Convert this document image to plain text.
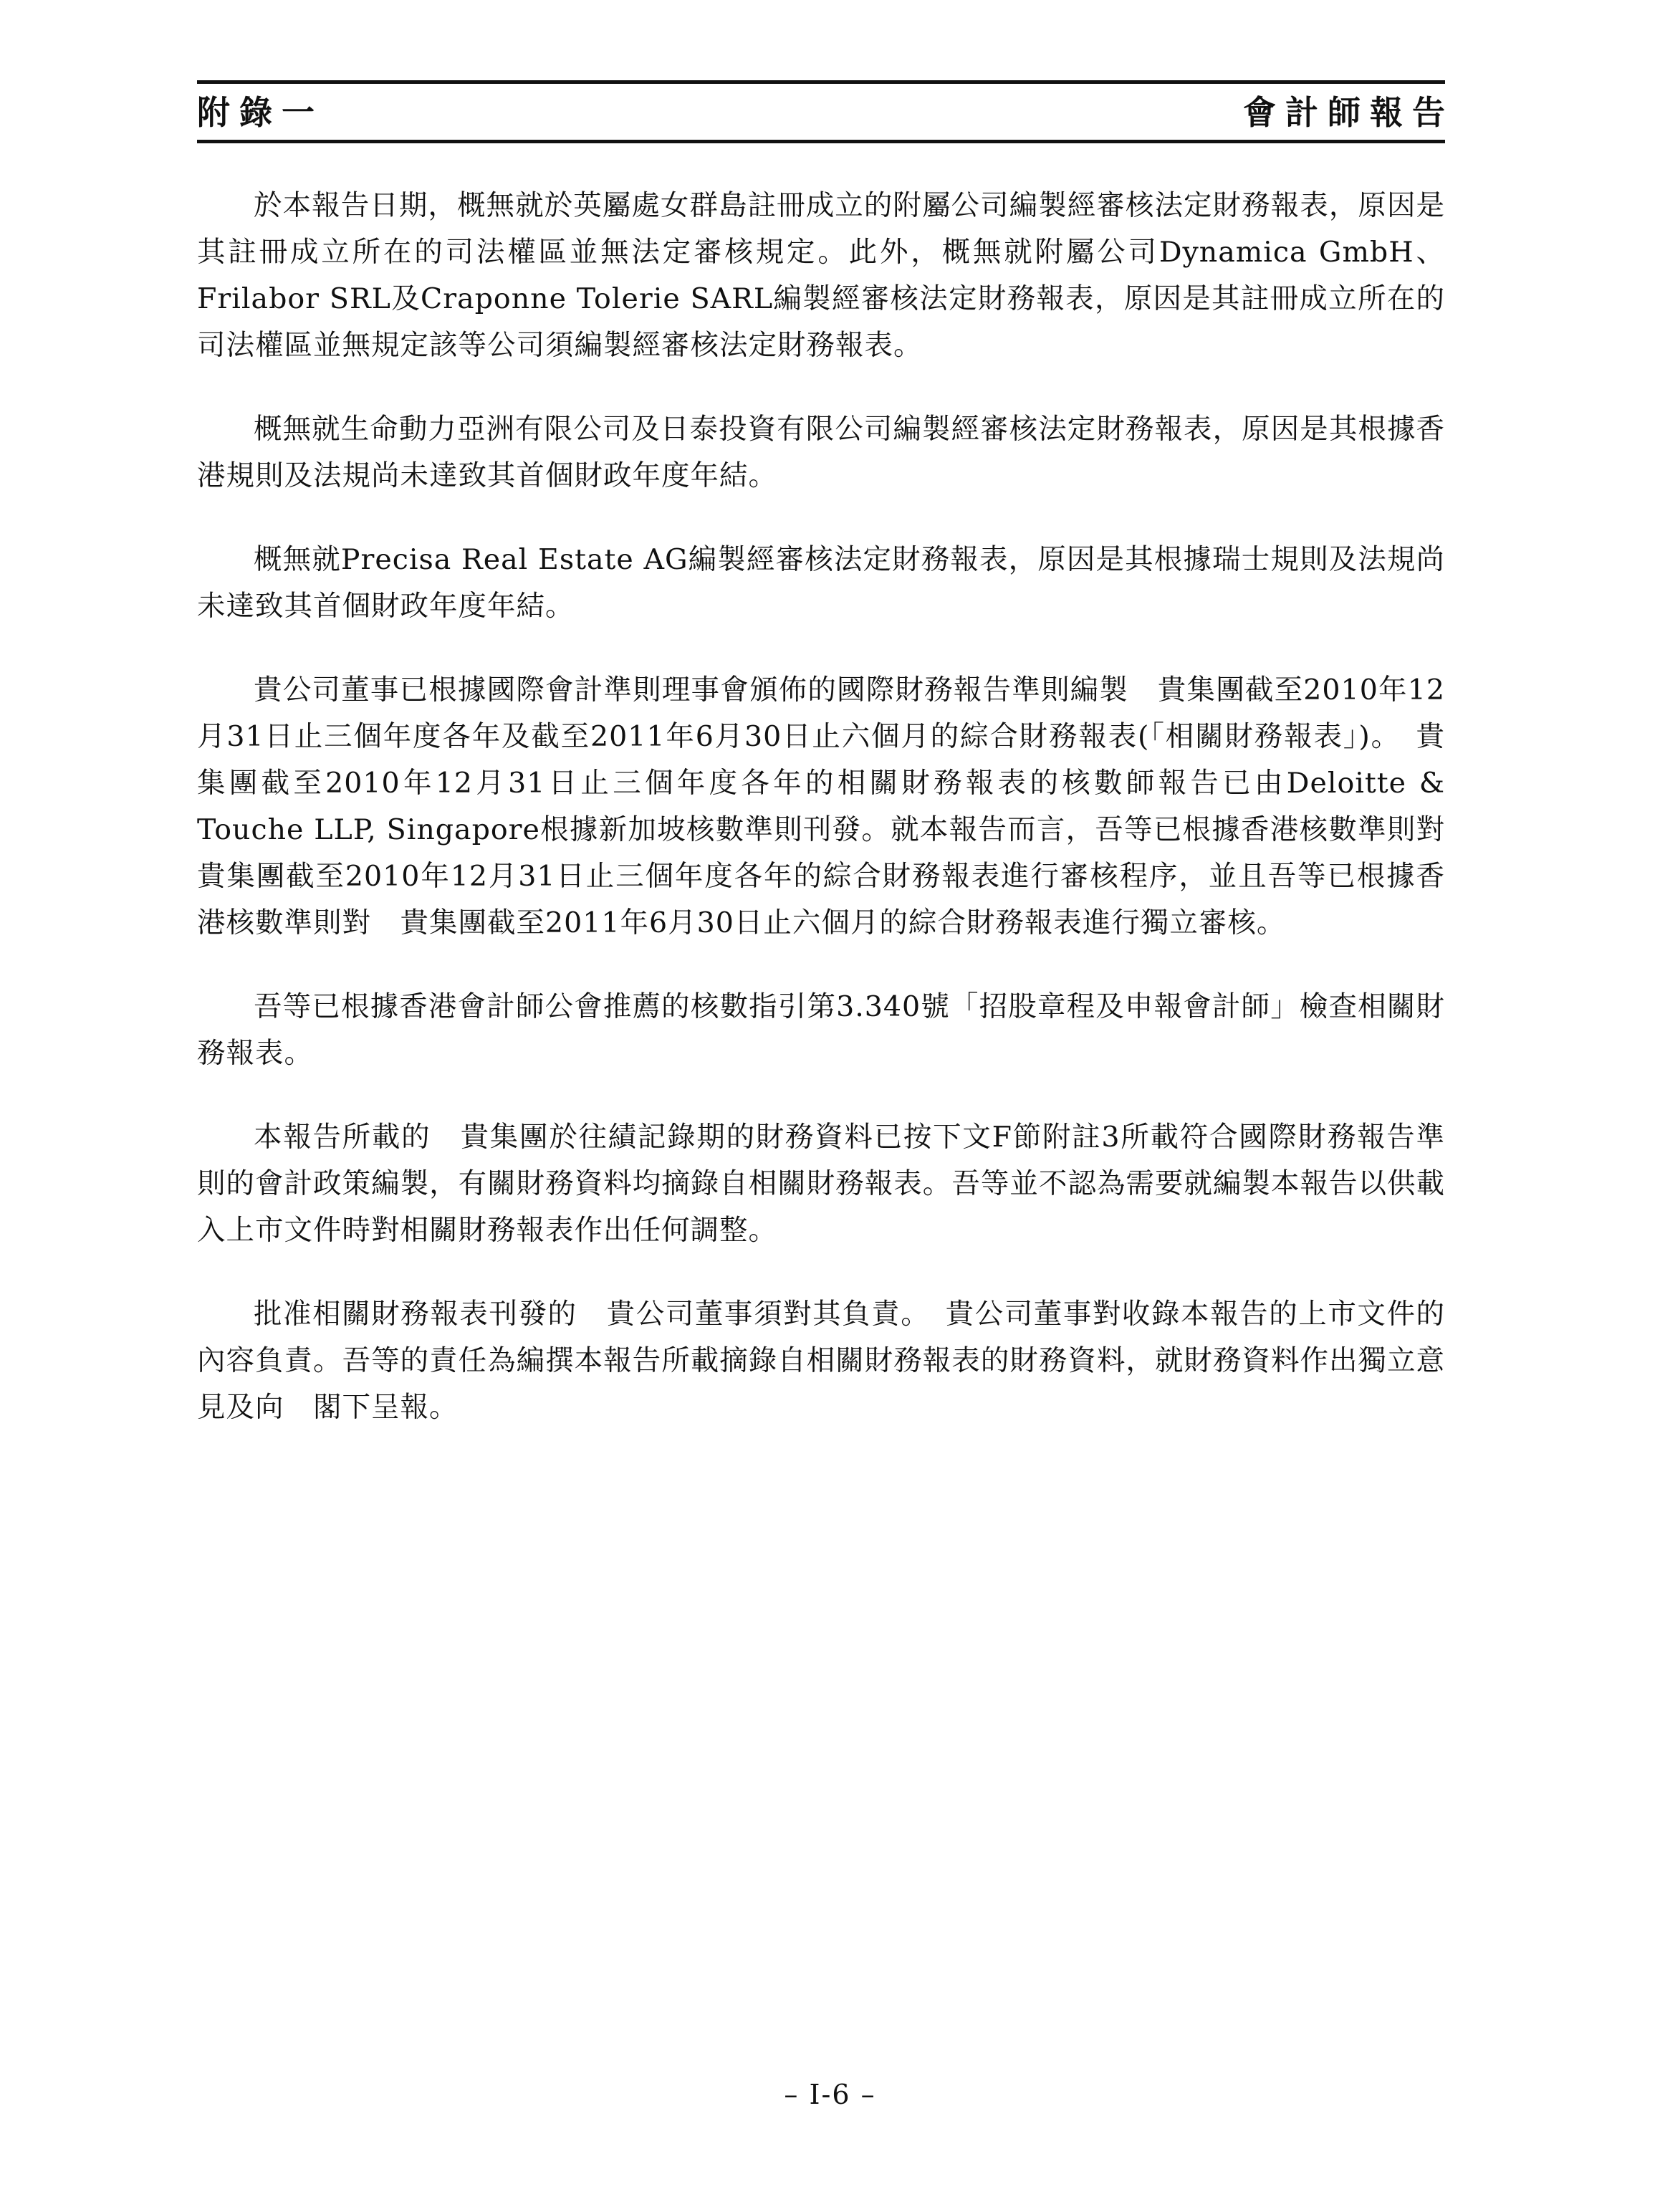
附錄一	會計師報告

於本報告日期，概無就於英屬處女群島註冊成立的附屬公司編製經審核法定財務報表，原因是其註冊成立所在的司法權區並無法定審核規定。此外，概無就附屬公司Dynamica GmbH、Frilabor SRL及Craponne Tolerie SARL編製經審核法定財務報表，原因是其註冊成立所在的司法權區並無規定該等公司須編製經審核法定財務報表。

概無就生命動力亞洲有限公司及日泰投資有限公司編製經審核法定財務報表，原因是其根據香港規則及法規尚未達致其首個財政年度年結。

概無就Precisa Real Estate AG編製經審核法定財務報表，原因是其根據瑞士規則及法規尚未達致其首個財政年度年結。

貴公司董事已根據國際會計準則理事會頒佈的國際財務報告準則編製　貴集團截至2010年12月31日止三個年度各年及截至2011年6月30日止六個月的綜合財務報表(「相關財務報表」)。　貴集團截至2010年12月31日止三個年度各年的相關財務報表的核數師報告已由Deloitte & Touche LLP, Singapore根據新加坡核數準則刊發。就本報告而言，吾等已根據香港核數準則對　貴集團截至2010年12月31日止三個年度各年的綜合財務報表進行審核程序，並且吾等已根據香港核數準則對　貴集團截至2011年6月30日止六個月的綜合財務報表進行獨立審核。

吾等已根據香港會計師公會推薦的核數指引第3.340號「招股章程及申報會計師」檢查相關財務報表。

本報告所載的　貴集團於往績記錄期的財務資料已按下文F節附註3所載符合國際財務報告準則的會計政策編製，有關財務資料均摘錄自相關財務報表。吾等並不認為需要就編製本報告以供載入上市文件時對相關財務報表作出任何調整。

批准相關財務報表刊發的　貴公司董事須對其負責。　貴公司董事對收錄本報告的上市文件的內容負責。吾等的責任為編撰本報告所載摘錄自相關財務報表的財務資料，就財務資料作出獨立意見及向　閣下呈報。

– I-6 –
